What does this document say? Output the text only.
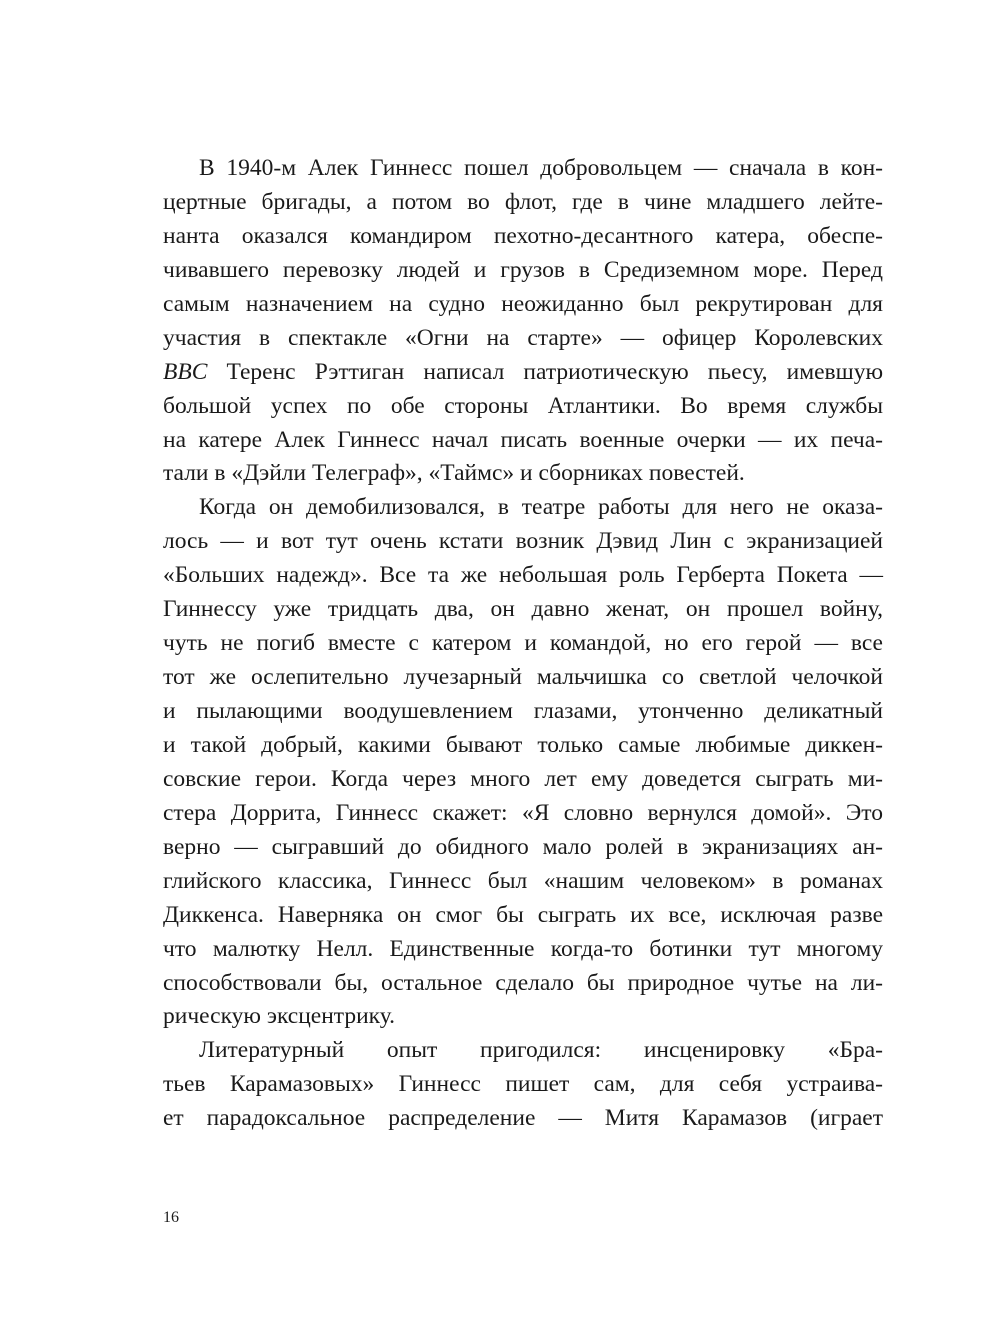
В 1940-м Алек Гиннесс пошел добровольцем — сначала в кон-
цертные бригады, а потом во флот, где в чине младшего лейте-
нанта оказался командиром пехотно-десантного катера, обеспе-
чивавшего перевозку людей и грузов в Средиземном море. Перед
самым назначением на судно неожиданно был рекрутирован для
участия в спектакле «Огни на старте» — офицер Королевских
BBC Теренс Рэттиган написал патриотическую пьесу, имевшую
большой успех по обе стороны Атлантики. Во время службы
на катере Алек Гиннесс начал писать военные очерки — их печа-
тали в «Дэйли Телеграф», «Таймс» и сборниках повестей.
Когда он демобилизовался, в театре работы для него не оказа-
лось — и вот тут очень кстати возник Дэвид Лин с экранизацией
«Больших надежд». Все та же небольшая роль Герберта Покета —
Гиннессу уже тридцать два, он давно женат, он прошел войну,
чуть не погиб вместе с катером и командой, но его герой — все
тот же ослепительно лучезарный мальчишка со светлой челочкой
и пылающими воодушевлением глазами, утонченно деликатный
и такой добрый, какими бывают только самые любимые диккен-
совские герои. Когда через много лет ему доведется сыграть ми-
стера Доррита, Гиннесс скажет: «Я словно вернулся домой». Это
верно — сыгравший до обидного мало ролей в экранизациях ан-
глийского классика, Гиннесс был «нашим человеком» в романах
Диккенса. Наверняка он смог бы сыграть их все, исключая разве
что малютку Нелл. Единственные когда-то ботинки тут многому
способствовали бы, остальное сделало бы природное чутье на ли-
рическую эксцентрику.
Литературный опыт пригодился: инсценировку «Бра-
тьев Карамазовых» Гиннесс пишет сам, для себя устраива-
ет парадоксальное распределение — Митя Карамазов (играет
16
